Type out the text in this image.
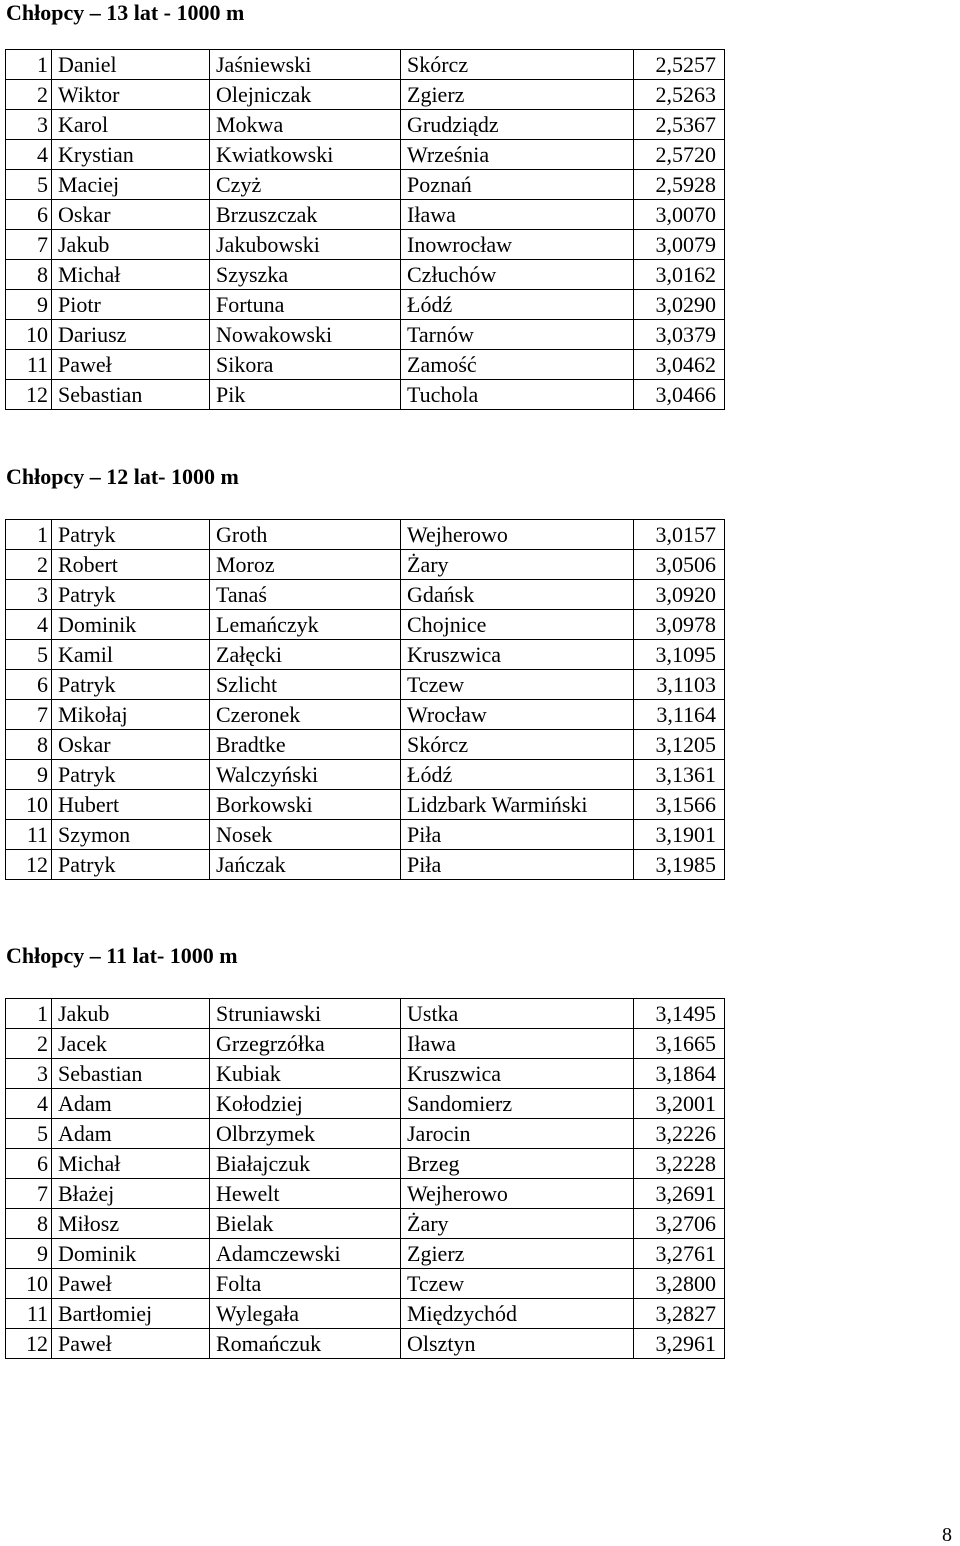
Chłopcy – 13 lat - 1000 m
1	Daniel	Jaśniewski	Skórcz	2,5257
2	Wiktor	Olejniczak	Zgierz	2,5263
3	Karol	Mokwa	Grudziądz	2,5367
4	Krystian	Kwiatkowski	Września	2,5720
5	Maciej	Czyż	Poznań	2,5928
6	Oskar	Brzuszczak	Iława	3,0070
7	Jakub	Jakubowski	Inowrocław	3,0079
8	Michał	Szyszka	Człuchów	3,0162
9	Piotr	Fortuna	Łódź	3,0290
10	Dariusz	Nowakowski	Tarnów	3,0379
11	Paweł	Sikora	Zamość	3,0462
12	Sebastian	Pik	Tuchola	3,0466
Chłopcy – 12 lat- 1000 m
1	Patryk	Groth	Wejherowo	3,0157
2	Robert	Moroz	Żary	3,0506
3	Patryk	Tanaś	Gdańsk	3,0920
4	Dominik	Lemańczyk	Chojnice	3,0978
5	Kamil	Załęcki	Kruszwica	3,1095
6	Patryk	Szlicht	Tczew	3,1103
7	Mikołaj	Czeronek	Wrocław	3,1164
8	Oskar	Bradtke	Skórcz	3,1205
9	Patryk	Walczyński	Łódź	3,1361
10	Hubert	Borkowski	Lidzbark Warmiński	3,1566
11	Szymon	Nosek	Piła	3,1901
12	Patryk	Jańczak	Piła	3,1985
Chłopcy – 11 lat- 1000 m
1	Jakub	Struniawski	Ustka	3,1495
2	Jacek	Grzegrzółka	Iława	3,1665
3	Sebastian	Kubiak	Kruszwica	3,1864
4	Adam	Kołodziej	Sandomierz	3,2001
5	Adam	Olbrzymek	Jarocin	3,2226
6	Michał	Białajczuk	Brzeg	3,2228
7	Błażej	Hewelt	Wejherowo	3,2691
8	Miłosz	Bielak	Żary	3,2706
9	Dominik	Adamczewski	Zgierz	3,2761
10	Paweł	Folta	Tczew	3,2800
11	Bartłomiej	Wylegała	Międzychód	3,2827
12	Paweł	Romańczuk	Olsztyn	3,2961
8
